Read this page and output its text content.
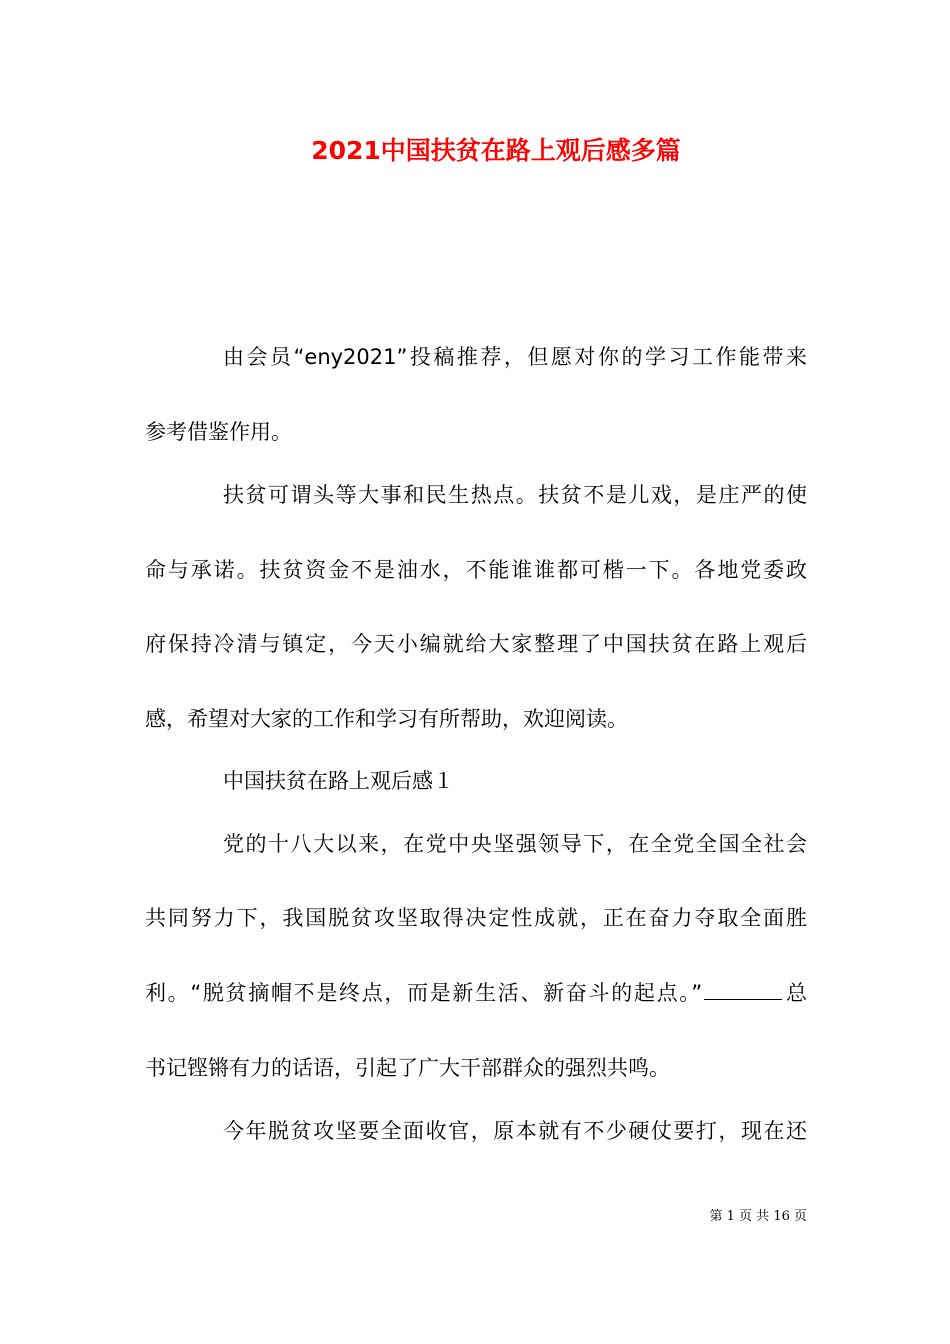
2021中国扶贫在路上观后感多篇
由会员“eny2021”投稿推荐，但愿对你的学习工作能带来
参考借鉴作用。
扶贫可谓头等大事和民生热点。扶贫不是儿戏，是庄严的使
命与承诺。扶贫资金不是油水，不能谁谁都可楷一下。各地党委政
府保持冷清与镇定，今天小编就给大家整理了中国扶贫在路上观后
感，希望对大家的工作和学习有所帮助，欢迎阅读。
中国扶贫在路上观后感１
党的十八大以来，在党中央坚强领导下，在全党全国全社会
共同努力下，我国脱贫攻坚取得决定性成就，正在奋力夺取全面胜
利。“脱贫摘帽不是终点，而是新生活、新奋斗的起点。”	总
书记铿锵有力的话语，引起了广大干部群众的强烈共鸣。
今年脱贫攻坚要全面收官，原本就有不少硬仗要打，现在还
第 1 页 共 16 页
